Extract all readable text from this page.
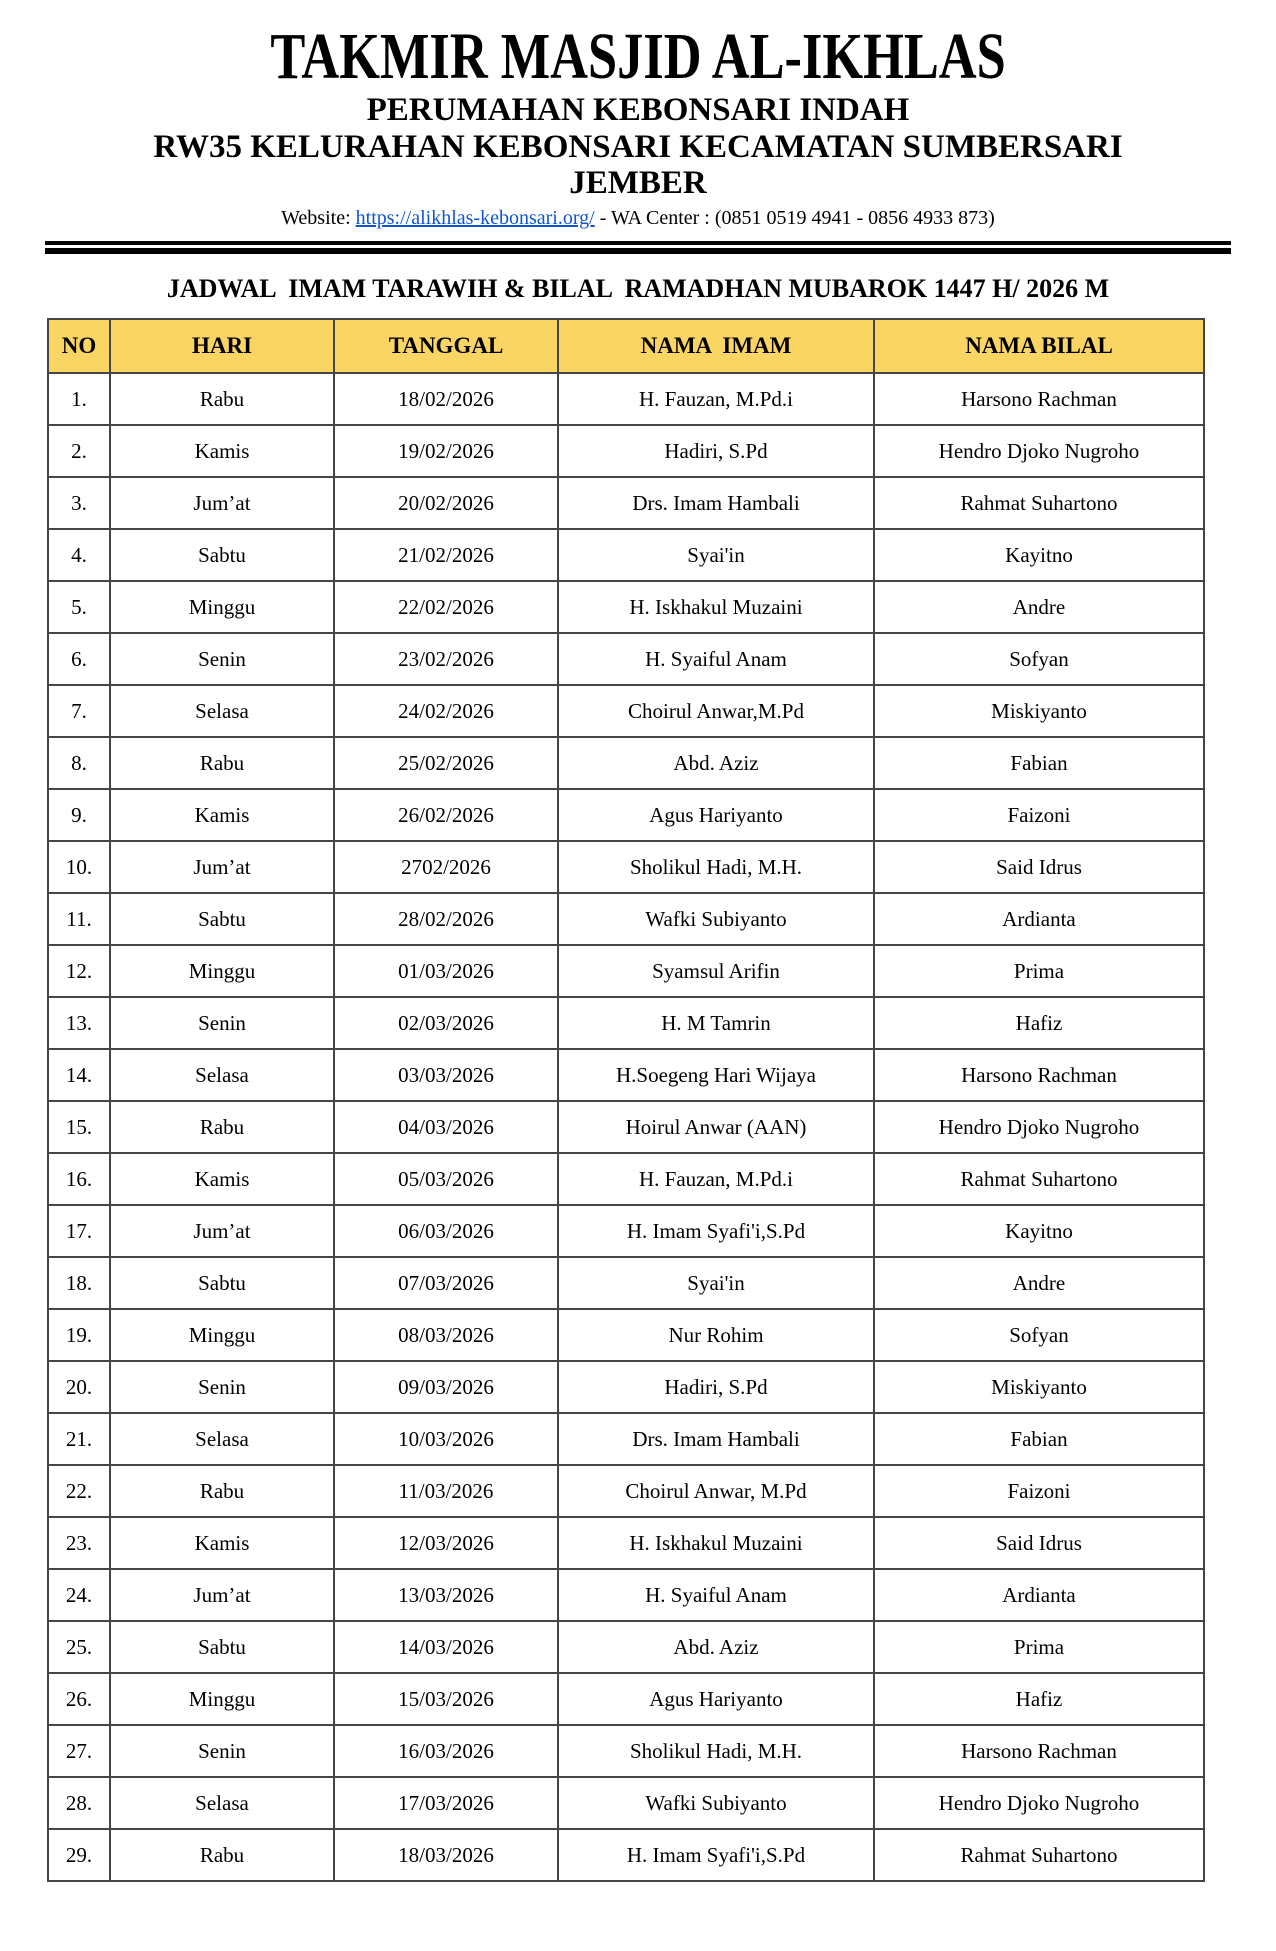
TAKMIR MASJID AL-IKHLAS

PERUMAHAN KEBONSARI INDAH

RW35 KELURAHAN KEBONSARI KECAMATAN SUMBERSARI

JEMBER

Website: https://alikhlas-kebonsari.org/ - WA Center : (0851 0519 4941 - 0856 4933 873)

JADWAL  IMAM TARAWIH & BILAL  RAMADHAN MUBAROK 1447 H/ 2026 M
NO	HARI	TANGGAL	NAMA  IMAM	NAMA BILAL
1.	Rabu	18/02/2026	H. Fauzan, M.Pd.i	Harsono Rachman
2.	Kamis	19/02/2026	Hadiri, S.Pd	Hendro Djoko Nugroho
3.	Jum’at	20/02/2026	Drs. Imam Hambali	Rahmat Suhartono
4.	Sabtu	21/02/2026	Syai'in	Kayitno
5.	Minggu	22/02/2026	H. Iskhakul Muzaini	Andre
6.	Senin	23/02/2026	H. Syaiful Anam	Sofyan
7.	Selasa	24/02/2026	Choirul Anwar,M.Pd	Miskiyanto
8.	Rabu	25/02/2026	Abd. Aziz	Fabian
9.	Kamis	26/02/2026	Agus Hariyanto	Faizoni
10.	Jum’at	2702/2026	Sholikul Hadi, M.H.	Said Idrus
11.	Sabtu	28/02/2026	Wafki Subiyanto	Ardianta
12.	Minggu	01/03/2026	Syamsul Arifin	Prima
13.	Senin	02/03/2026	H. M Tamrin	Hafiz
14.	Selasa	03/03/2026	H.Soegeng Hari Wijaya	Harsono Rachman
15.	Rabu	04/03/2026	Hoirul Anwar (AAN)	Hendro Djoko Nugroho
16.	Kamis	05/03/2026	H. Fauzan, M.Pd.i	Rahmat Suhartono
17.	Jum’at	06/03/2026	H. Imam Syafi'i,S.Pd	Kayitno
18.	Sabtu	07/03/2026	Syai'in	Andre
19.	Minggu	08/03/2026	Nur Rohim	Sofyan
20.	Senin	09/03/2026	Hadiri, S.Pd	Miskiyanto
21.	Selasa	10/03/2026	Drs. Imam Hambali	Fabian
22.	Rabu	11/03/2026	Choirul Anwar, M.Pd	Faizoni
23.	Kamis	12/03/2026	H. Iskhakul Muzaini	Said Idrus
24.	Jum’at	13/03/2026	H. Syaiful Anam	Ardianta
25.	Sabtu	14/03/2026	Abd. Aziz	Prima
26.	Minggu	15/03/2026	Agus Hariyanto	Hafiz
27.	Senin	16/03/2026	Sholikul Hadi, M.H.	Harsono Rachman
28.	Selasa	17/03/2026	Wafki Subiyanto	Hendro Djoko Nugroho
29.	Rabu	18/03/2026	H. Imam Syafi'i,S.Pd	Rahmat Suhartono
